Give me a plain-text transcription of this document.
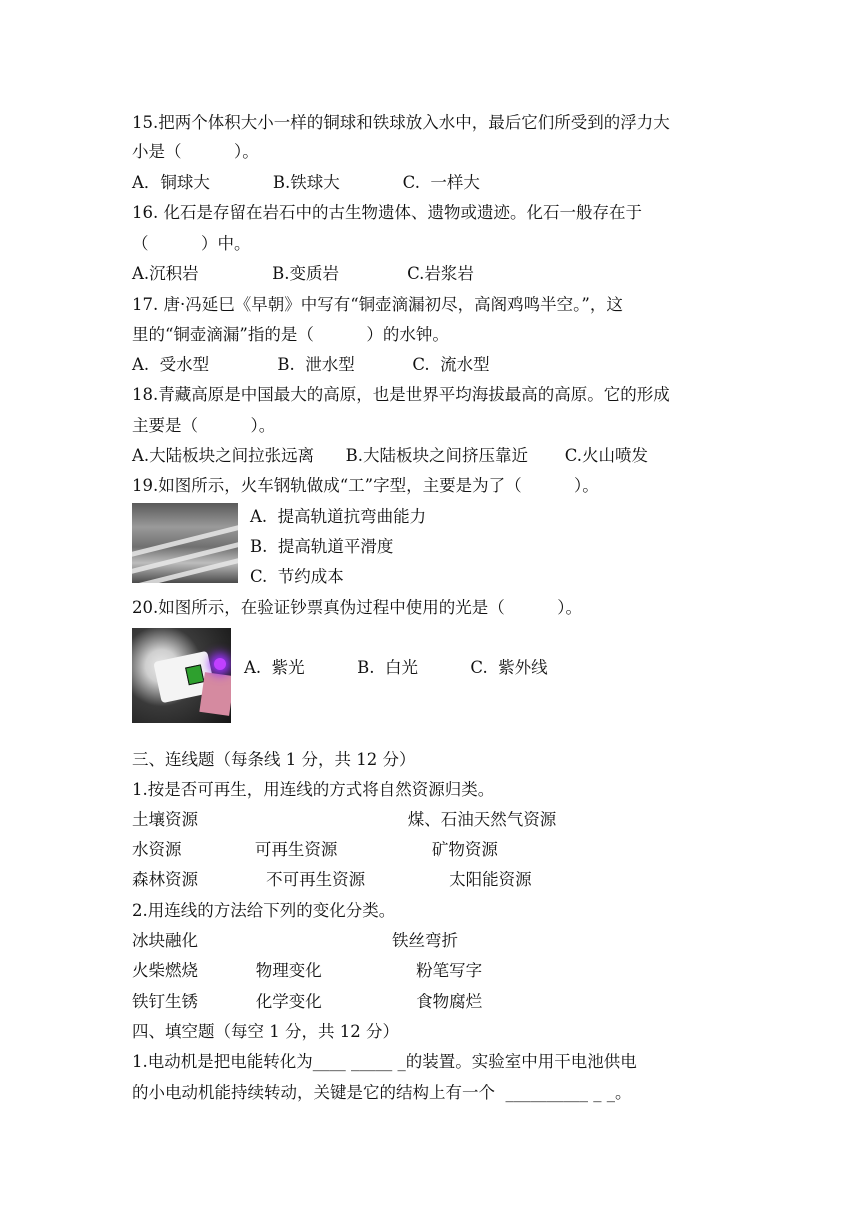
15.把两个体积大小一样的铜球和铁球放入水中，最后它们所受到的浮力大
小是（          ）。
A．铜球大            B.铁球大            C.  一样大
16. 化石是存留在岩石中的古生物遗体、遗物或遗迹。化石一般存在于
（          ）中。
A.沉积岩              B.变质岩             C.岩浆岩
17. 唐·冯延巳《早朝》中写有“铜壶滴漏初尽，高阁鸡鸣半空。”，这
里的“铜壶滴漏”指的是（          ）的水钟。
A.  受水型             B.  泄水型           C.  流水型
18.青藏高原是中国最大的高原，也是世界平均海拔最高的高原。它的形成
主要是（          ）。
A.大陆板块之间拉张远离      B.大陆板块之间挤压靠近       C.火山喷发
19.如图所示，火车钢轨做成“工”字型，主要是为了（          ）。
A.  提高轨道抗弯曲能力
B.  提高轨道平滑度
C.  节约成本
20.如图所示，在验证钞票真伪过程中使用的光是（          ）。
A.  紫光          B.  白光          C.  紫外线
三、连线题（每条线 1 分，共 12 分）
1.按是否可再生，用连线的方式将自然资源归类。
土壤资源                                        煤、石油天然气资源
水资源              可再生资源                  矿物资源
森林资源             不可再生资源                太阳能资源
2.用连线的方法给下列的变化分类。
冰块融化                                     铁丝弯折
火柴燃烧           物理变化                  粉笔写字
铁钉生锈           化学变化                  食物腐烂
四、填空题（每空 1 分，共 12 分）
1.电动机是把电能转化为____ _____ _的装置。实验室中用干电池供电
的小电动机能持续转动，关键是它的结构上有一个  __________ _ _。
